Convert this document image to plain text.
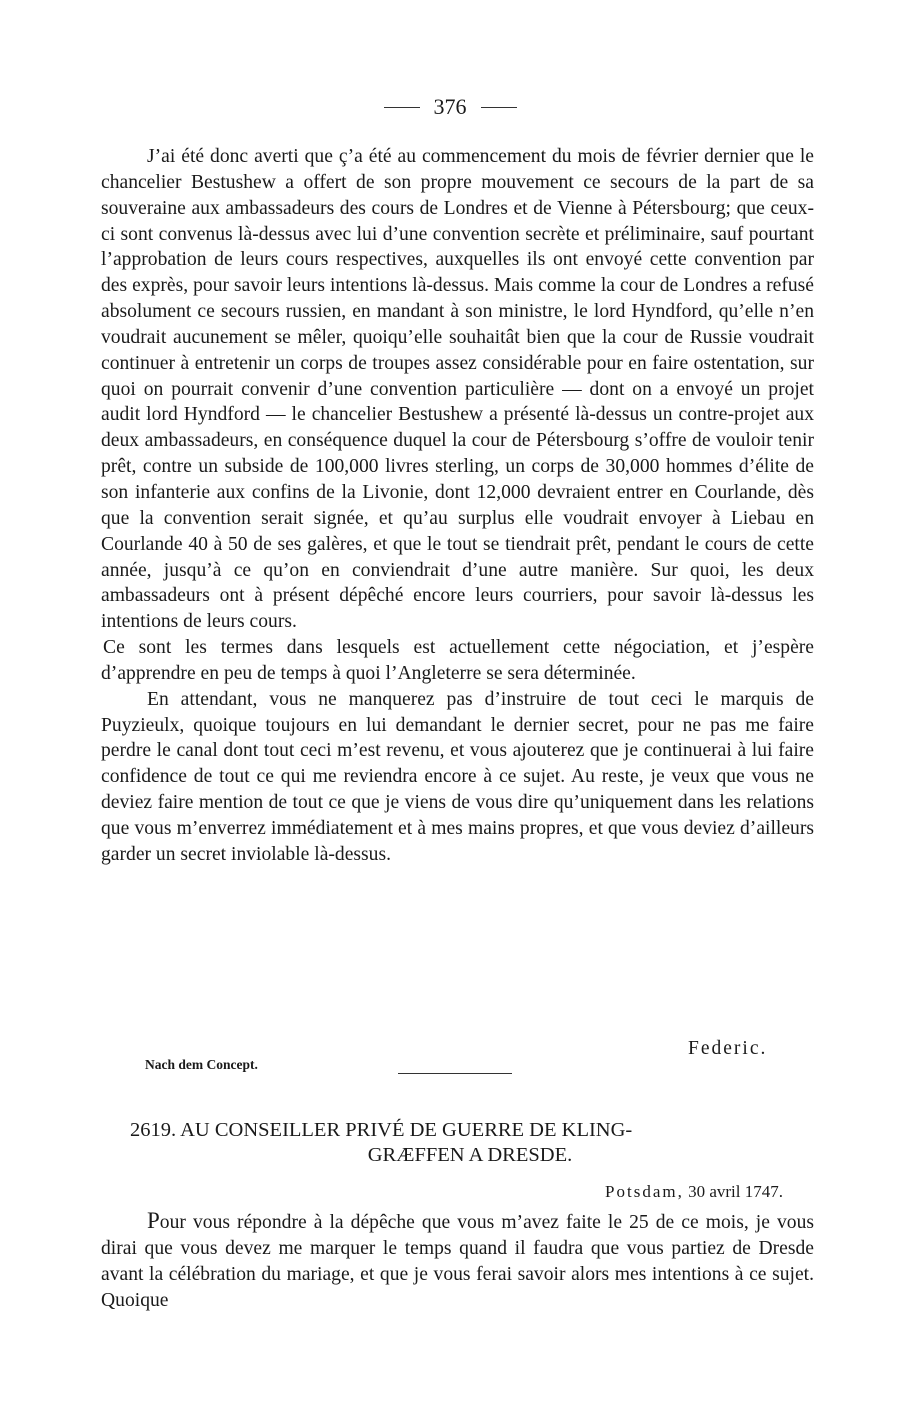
376

J’ai été donc averti que ç’a été au commencement du mois de février dernier que le chancelier Bestushew a offert de son propre mouvement ce secours de la part de sa souveraine aux ambassadeurs des cours de Londres et de Vienne à Pétersbourg; que ceux-ci sont convenus là-dessus avec lui d’une convention secrète et préliminaire, sauf pourtant l’approbation de leurs cours respectives, auxquelles ils ont envoyé cette convention par des exprès, pour savoir leurs intentions là-dessus. Mais comme la cour de Londres a refusé absolument ce secours russien, en mandant à son ministre, le lord Hyndford, qu’elle n’en voudrait aucunement se mêler, quoiqu’elle souhaitât bien que la cour de Russie voudrait continuer à entretenir un corps de troupes assez considérable pour en faire ostentation, sur quoi on pourrait convenir d’une convention particulière — dont on a envoyé un projet audit lord Hyndford — le chancelier Bestushew a présenté là-dessus un contre-projet aux deux ambassadeurs, en conséquence duquel la cour de Pétersbourg s’offre de vouloir tenir prêt, contre un subside de 100,000 livres sterling, un corps de 30,000 hommes d’élite de son infanterie aux confins de la Livonie, dont 12,000 devraient entrer en Courlande, dès que la convention serait signée, et qu’au surplus elle voudrait envoyer à Liebau en Courlande 40 à 50 de ses galères, et que le tout se tiendrait prêt, pendant le cours de cette année, jusqu’à ce qu’on en conviendrait d’une autre manière. Sur quoi, les deux ambassadeurs ont à présent dépêché encore leurs courriers, pour savoir là-dessus les intentions de leurs cours.

Ce sont les termes dans lesquels est actuellement cette négociation, et j’espère d’apprendre en peu de temps à quoi l’Angleterre se sera déterminée.

En attendant, vous ne manquerez pas d’instruire de tout ceci le marquis de Puyzieulx, quoique toujours en lui demandant le dernier secret, pour ne pas me faire perdre le canal dont tout ceci m’est revenu, et vous ajouterez que je continuerai à lui faire confidence de tout ce qui me reviendra encore à ce sujet. Au reste, je veux que vous ne deviez faire mention de tout ce que je viens de vous dire qu’uniquement dans les relations que vous m’enverrez immédiatement et à mes mains propres, et que vous deviez d’ailleurs garder un secret inviolable là-dessus.

Federic.
Nach dem Concept.
2619. AU CONSEILLER PRIVÉ DE GUERRE DE KLING-
GRÆFFEN A DRESDE.
Potsdam, 30 avril 1747.

Pour vous répondre à la dépêche que vous m’avez faite le 25 de ce mois, je vous dirai que vous devez me marquer le temps quand il faudra que vous partiez de Dresde avant la célébration du mariage, et que je vous ferai savoir alors mes intentions à ce sujet. Quoique
